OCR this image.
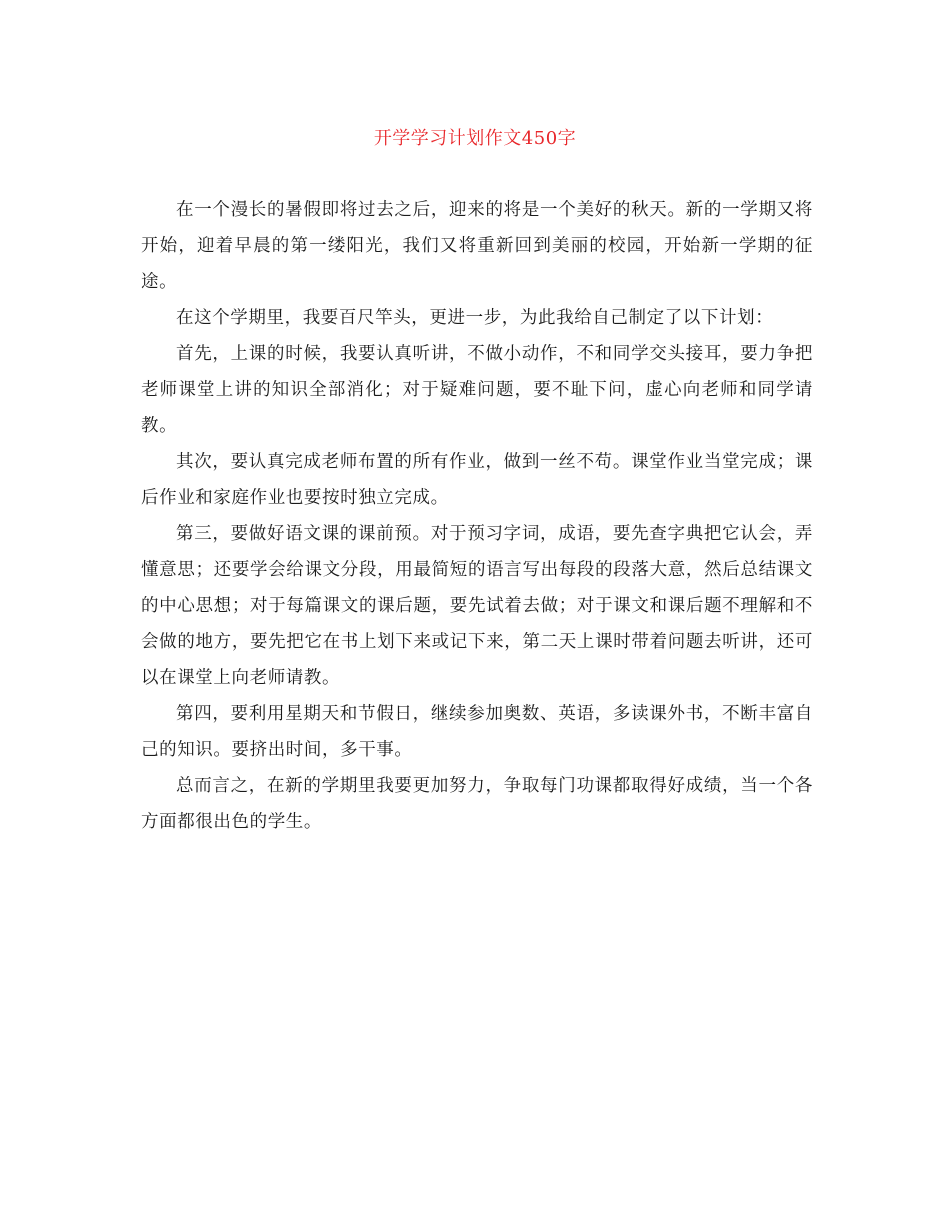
开学学习计划作文450字

在一个漫长的暑假即将过去之后，迎来的将是一个美好的秋天。新的一学期又将开始，迎着早晨的第一缕阳光，我们又将重新回到美丽的校园，开始新一学期的征途。

在这个学期里，我要百尺竿头，更进一步，为此我给自己制定了以下计划：

首先，上课的时候，我要认真听讲，不做小动作，不和同学交头接耳，要力争把老师课堂上讲的知识全部消化；对于疑难问题，要不耻下问，虚心向老师和同学请教。

其次，要认真完成老师布置的所有作业，做到一丝不苟。课堂作业当堂完成；课后作业和家庭作业也要按时独立完成。

第三，要做好语文课的课前预。对于预习字词，成语，要先查字典把它认会，弄懂意思；还要学会给课文分段，用最简短的语言写出每段的段落大意，然后总结课文的中心思想；对于每篇课文的课后题，要先试着去做；对于课文和课后题不理解和不会做的地方，要先把它在书上划下来或记下来，第二天上课时带着问题去听讲，还可以在课堂上向老师请教。

第四，要利用星期天和节假日，继续参加奥数、英语，多读课外书，不断丰富自己的知识。要挤出时间，多干事。

总而言之，在新的学期里我要更加努力，争取每门功课都取得好成绩，当一个各方面都很出色的学生。
